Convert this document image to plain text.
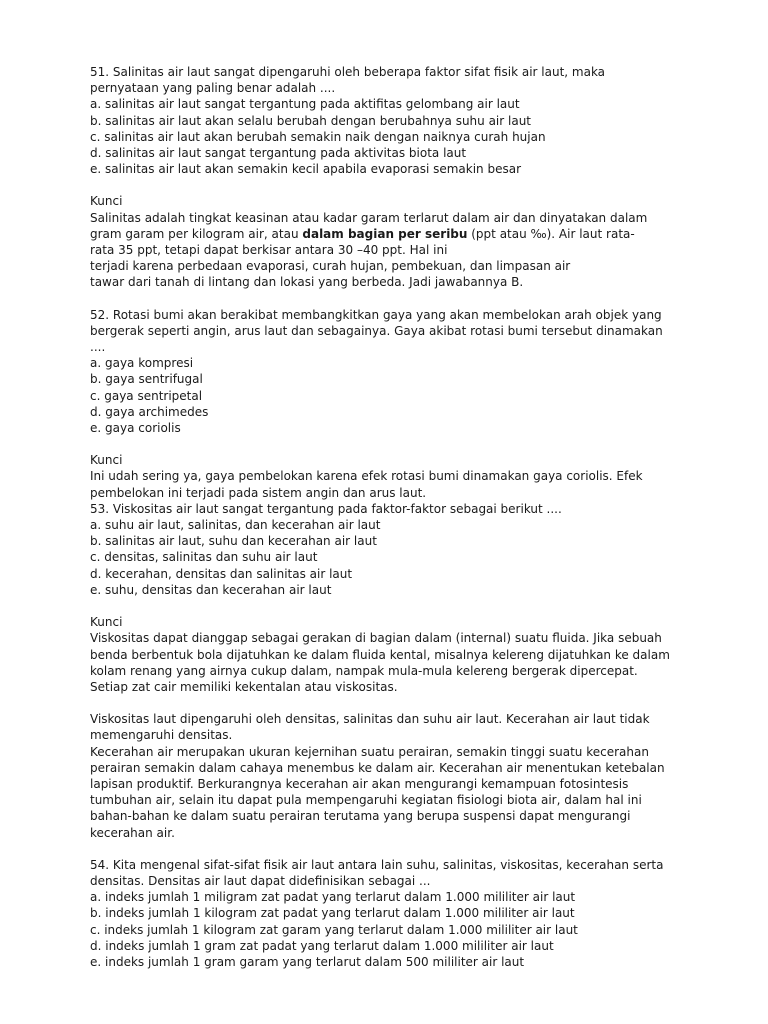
51. Salinitas air laut sangat dipengaruhi oleh beberapa faktor sifat fisik air laut, maka
pernyataan yang paling benar adalah ....
a. salinitas air laut sangat tergantung pada aktifitas gelombang air laut
b. salinitas air laut akan selalu berubah dengan berubahnya suhu air laut
c. salinitas air laut akan berubah semakin naik dengan naiknya curah hujan
d. salinitas air laut sangat tergantung pada aktivitas biota laut
e. salinitas air laut akan semakin kecil apabila evaporasi semakin besar
Kunci
Salinitas adalah tingkat keasinan atau kadar garam terlarut dalam air dan dinyatakan dalam
gram garam per kilogram air, atau dalam bagian per seribu (ppt atau ‰). Air laut rata-
rata 35 ppt, tetapi dapat berkisar antara 30 –40 ppt. Hal ini
terjadi karena perbedaan evaporasi, curah hujan, pembekuan, dan limpasan air
tawar dari tanah di lintang dan lokasi yang berbeda. Jadi jawabannya B.
52. Rotasi bumi akan berakibat membangkitkan gaya yang akan membelokan arah objek yang
bergerak seperti angin, arus laut dan sebagainya. Gaya akibat rotasi bumi tersebut dinamakan
....
a. gaya kompresi
b. gaya sentrifugal
c. gaya sentripetal
d. gaya archimedes
e. gaya coriolis
Kunci
Ini udah sering ya, gaya pembelokan karena efek rotasi bumi dinamakan gaya coriolis. Efek
pembelokan ini terjadi pada sistem angin dan arus laut.
53. Viskositas air laut sangat tergantung pada faktor-faktor sebagai berikut ....
a. suhu air laut, salinitas, dan kecerahan air laut
b. salinitas air laut, suhu dan kecerahan air laut
c. densitas, salinitas dan suhu air laut
d. kecerahan, densitas dan salinitas air laut
e. suhu, densitas dan kecerahan air laut
Kunci
Viskositas dapat dianggap sebagai gerakan di bagian dalam (internal) suatu fluida. Jika sebuah
benda berbentuk bola dijatuhkan ke dalam fluida kental, misalnya kelereng dijatuhkan ke dalam
kolam renang yang airnya cukup dalam, nampak mula-mula kelereng bergerak dipercepat.
Setiap zat cair memiliki kekentalan atau viskositas.
Viskositas laut dipengaruhi oleh densitas, salinitas dan suhu air laut. Kecerahan air laut tidak
memengaruhi densitas.
Kecerahan air merupakan ukuran kejernihan suatu perairan, semakin tinggi suatu kecerahan
perairan semakin dalam cahaya menembus ke dalam air. Kecerahan air menentukan ketebalan
lapisan produktif. Berkurangnya kecerahan air akan mengurangi kemampuan fotosintesis
tumbuhan air, selain itu dapat pula mempengaruhi kegiatan fisiologi biota air, dalam hal ini
bahan-bahan ke dalam suatu perairan terutama yang berupa suspensi dapat mengurangi
kecerahan air.
54. Kita mengenal sifat-sifat fisik air laut antara lain suhu, salinitas, viskositas, kecerahan serta
densitas. Densitas air laut dapat didefinisikan sebagai ...
a. indeks jumlah 1 miligram zat padat yang terlarut dalam 1.000 mililiter air laut
b. indeks jumlah 1 kilogram zat padat yang terlarut dalam 1.000 mililiter air laut
c. indeks jumlah 1 kilogram zat garam yang terlarut dalam 1.000 mililiter air laut
d. indeks jumlah 1 gram zat padat yang terlarut dalam 1.000 mililiter air laut
e. indeks jumlah 1 gram garam yang terlarut dalam 500 mililiter air laut
